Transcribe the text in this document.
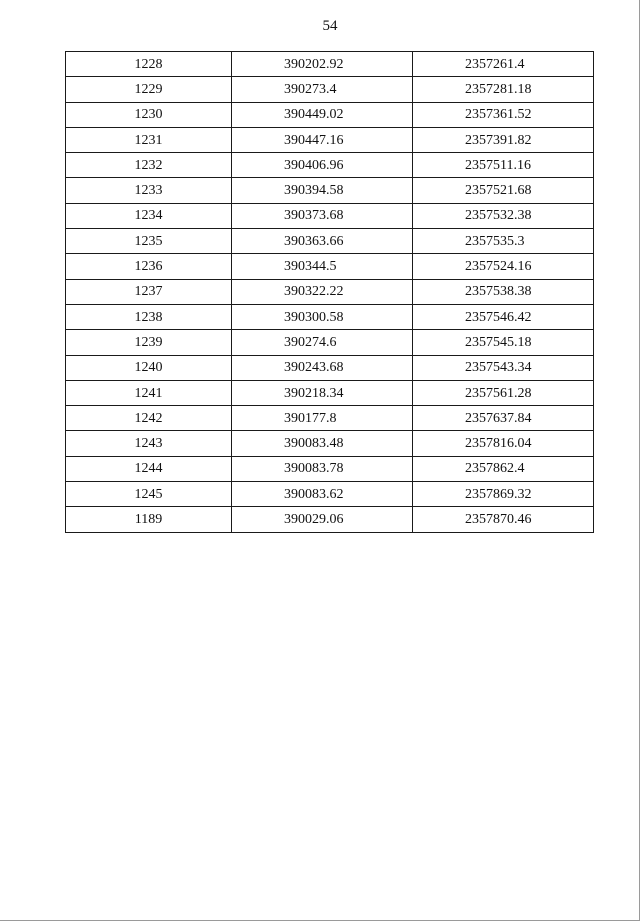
54
1228	390202.92	2357261.4
1229	390273.4	2357281.18
1230	390449.02	2357361.52
1231	390447.16	2357391.82
1232	390406.96	2357511.16
1233	390394.58	2357521.68
1234	390373.68	2357532.38
1235	390363.66	2357535.3
1236	390344.5	2357524.16
1237	390322.22	2357538.38
1238	390300.58	2357546.42
1239	390274.6	2357545.18
1240	390243.68	2357543.34
1241	390218.34	2357561.28
1242	390177.8	2357637.84
1243	390083.48	2357816.04
1244	390083.78	2357862.4
1245	390083.62	2357869.32
1189	390029.06	2357870.46
